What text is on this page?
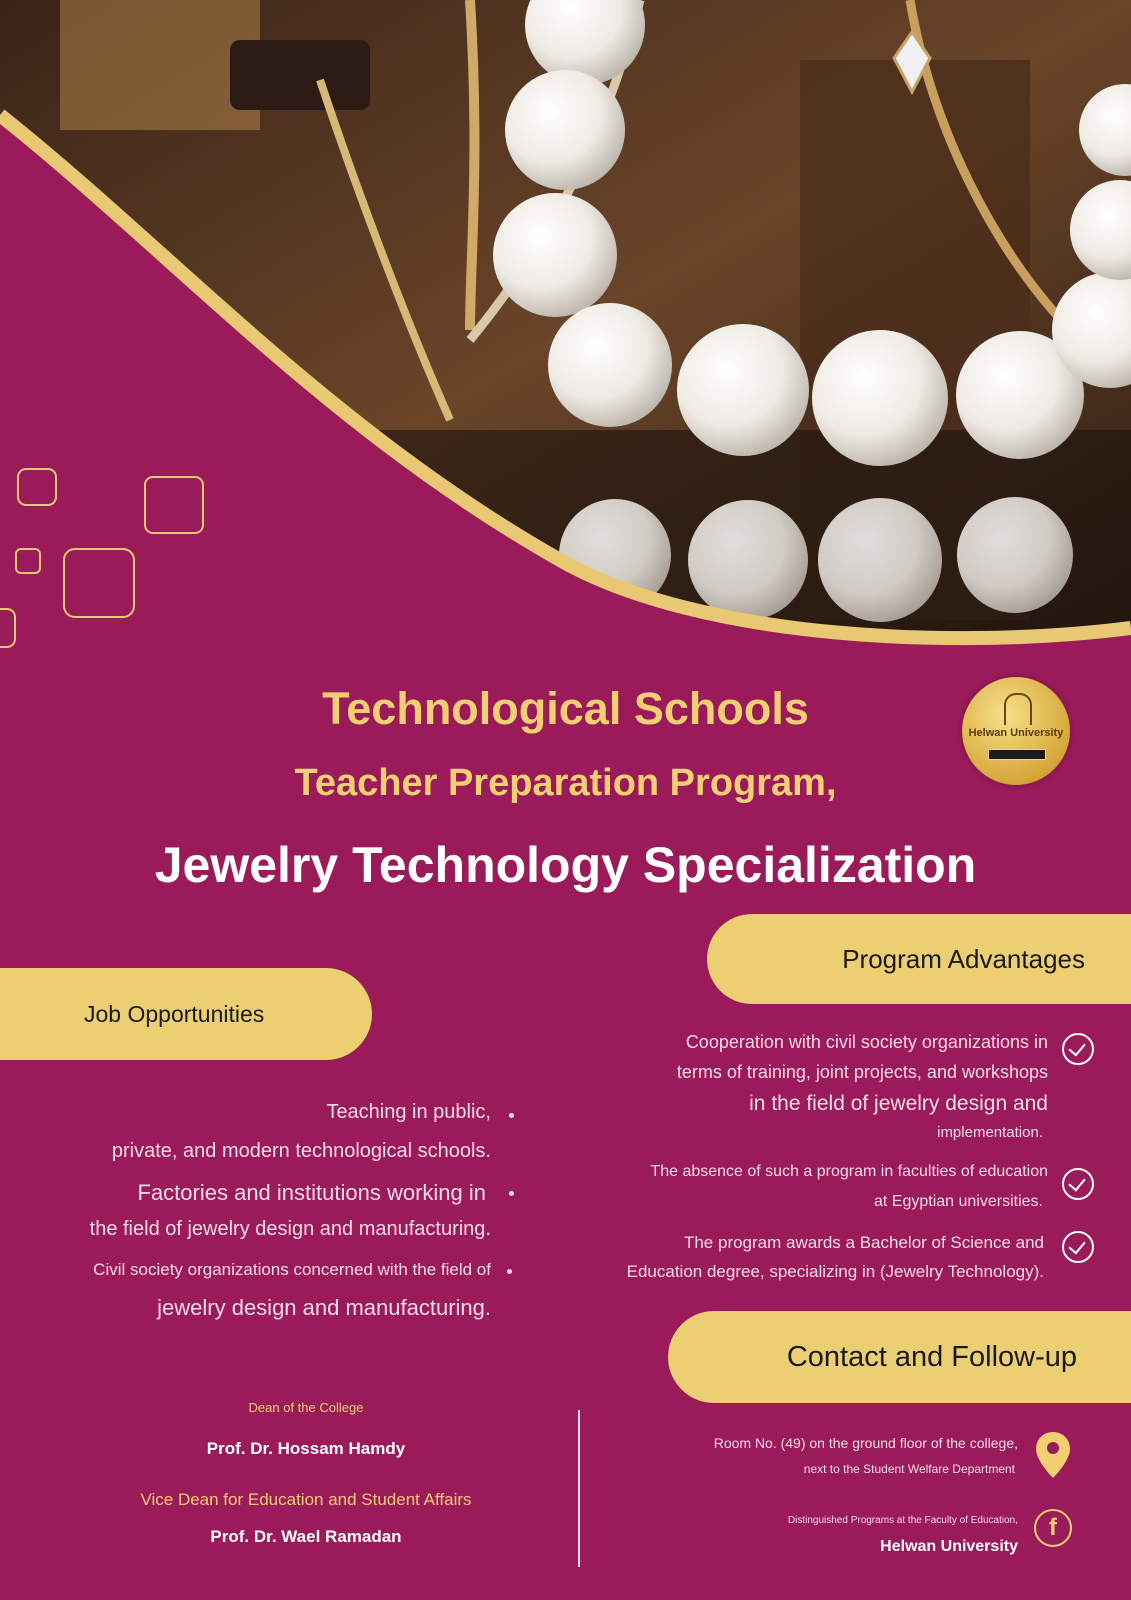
Technological Schools
Teacher Preparation Program,
Jewelry Technology Specialization
Helwan University
Job Opportunities
Program Advantages
Teaching in public,
private, and modern technological schools.
Factories and institutions working in
the field of jewelry design and manufacturing.
Civil society organizations concerned with the field of
jewelry design and manufacturing.
Cooperation with civil society organizations in
terms of training, joint projects, and workshops
in the field of jewelry design and
implementation.
The absence of such a program in faculties of education
at Egyptian universities.
The program awards a Bachelor of Science and
Education degree, specializing in (Jewelry Technology).
Contact and Follow-up
Dean of the College
Prof. Dr. Hossam Hamdy
Vice Dean for Education and Student Affairs
Prof. Dr. Wael Ramadan
Room No. (49) on the ground floor of the college,
next to the Student Welfare Department
Distinguished Programs at the Faculty of Education,
Helwan University
f
